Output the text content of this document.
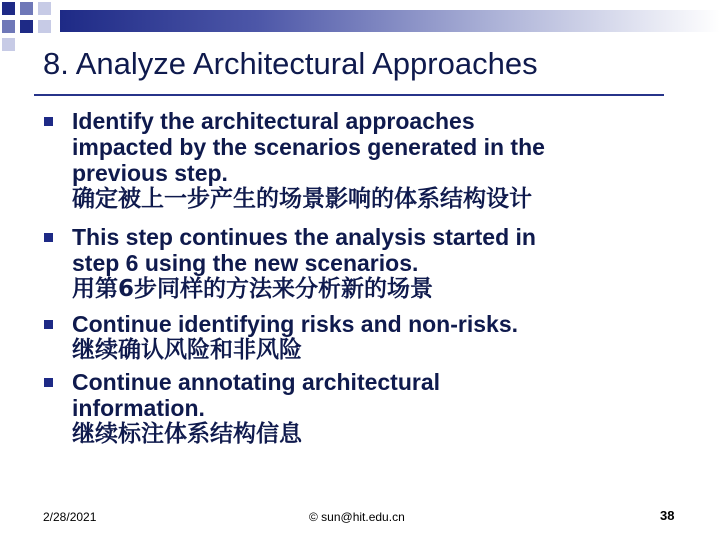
8. Analyze Architectural Approaches
Identify the architectural approaches
impacted by the scenarios generated in the
previous step.
确定被上一步产生的场景影响的体系结构设计
This step continues the analysis started in
step 6 using the new scenarios.
用第6步同样的方法来分析新的场景
Continue identifying risks and non-risks.
继续确认风险和非风险
Continue annotating architectural
information.
继续标注体系结构信息
2/28/2021	© sun@hit.edu.cn	38
